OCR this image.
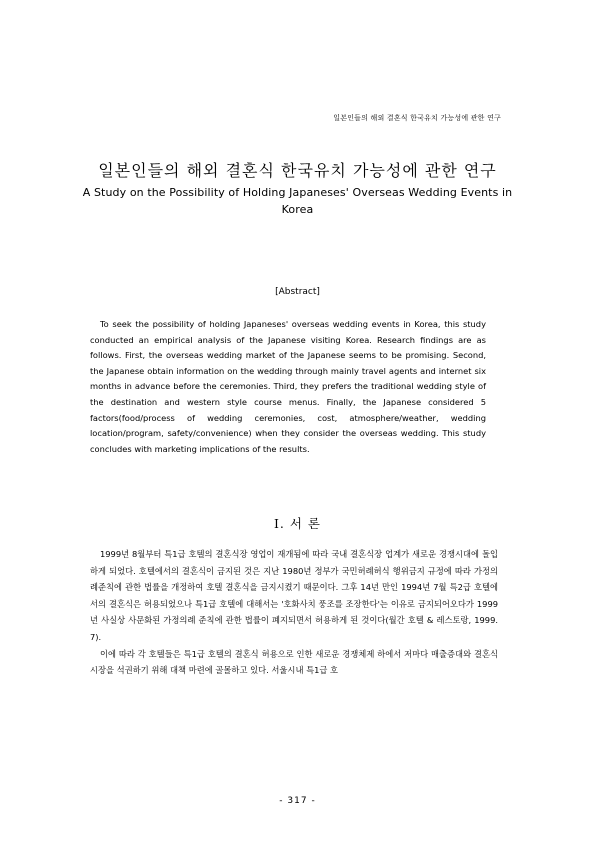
일본인들의 해외 결혼식 한국유치 가능성에 관한 연구
일본인들의 해외 결혼식 한국유치 가능성에 관한 연구
A Study on the Possibility of Holding Japaneses' Overseas Wedding Events in Korea
[Abstract]
To seek the possibility of holding Japaneses' overseas wedding events in Korea, this study conducted an empirical analysis of the Japanese visiting Korea. Research findings are as follows. First, the overseas wedding market of the Japanese seems to be promising. Second, the Japanese obtain information on the wedding through mainly travel agents and internet six months in advance before the ceremonies. Third, they prefers the traditional wedding style of the destination and western style course menus. Finally, the Japanese considered 5 factors(food/process of wedding ceremonies, cost, atmosphere/weather, wedding location/program, safety/convenience) when they consider the overseas wedding. This study concludes with marketing implications of the results.
I. 서 론

1999년 8월부터 특1급 호텔의 결혼식장 영업이 재개됨에 따라 국내 결혼식장 업계가 새로운 경쟁시대에 돌입하게 되었다. 호텔에서의 결혼식이 금지된 것은 지난 1980년 정부가 국민허례허식 행위금지 규정에 따라 가정의례준칙에 관한 법률을 개정하여 호텔 결혼식을 금지시켰기 때문이다. 그후 14년 만인 1994년 7월 특2급 호텔에서의 결혼식은 허용되었으나 특1급 호텔에 대해서는 '호화사치 풍조를 조장한다'는 이유로 금지되어오다가 1999년 사실상 사문화된 가정의례 준칙에 관한 법률이 폐지되면서 허용하게 된 것이다(월간 호텔 & 레스토랑, 1999. 7).

이에 따라 각 호텔들은 특1급 호텔의 결혼식 허용으로 인한 새로운 경쟁체제 하에서 저마다 매출증대와 결혼식 시장을 석권하기 위해 대책 마련에 골몰하고 있다. 서울시내 특1급 호

- 317 -
